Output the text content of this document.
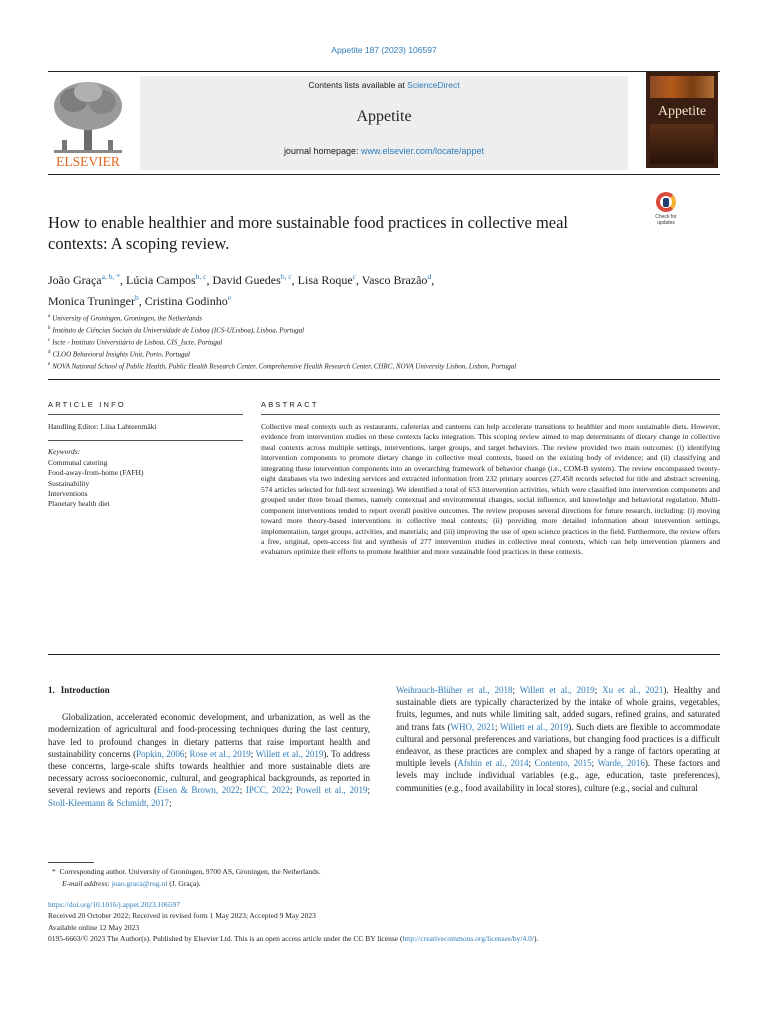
Appetite 187 (2023) 106597
ELSEVIER
Contents lists available at ScienceDirect
Appetite
journal homepage: www.elsevier.com/locate/appet
Appetite
How to enable healthier and more sustainable food practices in collective meal contexts: A scoping review.
Check for updates
João Graça$^{a, b, *}$, Lúcia Campos$^{b, c}$, David Guedes$^{b, c}$, Lisa Roque$^c$, Vasco Brazão$^d$,
Monica Truninger$^b$, Cristina Godinho$^e$
$^a$ University of Groningen, Groningen, the Netherlands
$^b$ Instituto de Ciências Sociais da Universidade de Lisboa (ICS-ULisboa), Lisboa, Portugal
$^c$ Iscte - Instituto Universitário de Lisboa, CIS_Iscte, Portugal
$^d$ CLOO Behavioral Insights Unit, Porto, Portugal
$^e$ NOVA National School of Public Health, Public Health Research Center, Comprehensive Health Research Center, CHRC, NOVA University Lisbon, Lisbon, Portugal
ARTICLE INFO	ABSTRACT
Handling Editor: Liisa Lahteenmäki
Keywords:
Communal catering
Food-away-from-home (FAFH)
Sustainability
Interventions
Planetary health diet
Collective meal contexts such as restaurants, cafeterias and canteens can help accelerate transitions to healthier and more sustainable diets. However, evidence from intervention studies on these contexts lacks integration. This scoping review aimed to map determinants of dietary change in collective meal contexts across multiple settings, interventions, target groups, and target behaviors. The review provided two main outcomes: (i) identifying intervention components to promote dietary change in collective meal contexts, based on the existing body of evidence; and (ii) classifying and integrating these intervention components into an overarching framework of behavior change (i.e., COM-B system). The review encompassed twenty-eight databases via two indexing services and extracted information from 232 primary sources (27,458 records selected for title and abstract screening, 574 articles selected for full-text screening). We identified a total of 653 intervention activities, which were classified into intervention components and grouped under three broad themes, namely contextual and environmental changes, social influence, and knowledge and behavioral regulation. Multi-component interventions tended to report overall positive outcomes. The review proposes several directions for future research, including: (i) moving toward more theory-based interventions in collective meal contexts; (ii) providing more detailed information about intervention settings, implementation, target groups, activities, and materials; and (iii) improving the use of open science practices in the field. Furthermore, the review offers a free, original, open-access list and synthesis of 277 intervention studies in collective meal contexts, which can help intervention planners and evaluators optimize their efforts to promote healthier and more sustainable food practices in these contexts.
1. Introduction

Globalization, accelerated economic development, and urbanization, as well as the modernization of agricultural and food-processing techniques during the last century, have led to profound changes in dietary patterns that raise important health and sustainability concerns (Popkin, 2006; Rose et al., 2019; Willett et al., 2019). To address these concerns, large-scale shifts towards healthier and more sustainable diets are necessary across socioeconomic, cultural, and geographical backgrounds, as reported in several reviews and reports (Eisen & Brown, 2022; IPCC, 2022; Powell et al., 2019; Stoll-Kleemann & Schmidt, 2017;

Weihrauch-Blüher et al., 2018; Willett et al., 2019; Xu et al., 2021). Healthy and sustainable diets are typically characterized by the intake of whole grains, vegetables, fruits, legumes, and nuts while limiting salt, added sugars, refined grains, and saturated and trans fats (WHO, 2021; Willett et al., 2019). Such diets are flexible to accommodate cultural and personal preferences and variations, but changing food practices is a difficult endeavor, as these practices are complex and shaped by a range of factors operating at multiple levels (Afshin et al., 2014; Contento, 2015; Warde, 2016). These factors and levels may include individual variables (e.g., age, education, taste preferences), communities (e.g., food availability in local stores), culture (e.g., social and cultural

* Corresponding author. University of Groningen, 9700 AS, Groningen, the Netherlands.
E-mail address: joao.graca@rug.nl (J. Graça).
https://doi.org/10.1016/j.appet.2023.106597
Received 20 October 2022; Received in revised form 1 May 2023; Accepted 9 May 2023
Available online 12 May 2023
0195-6663/© 2023 The Author(s). Published by Elsevier Ltd. This is an open access article under the CC BY license (http://creativecommons.org/licenses/by/4.0/).
